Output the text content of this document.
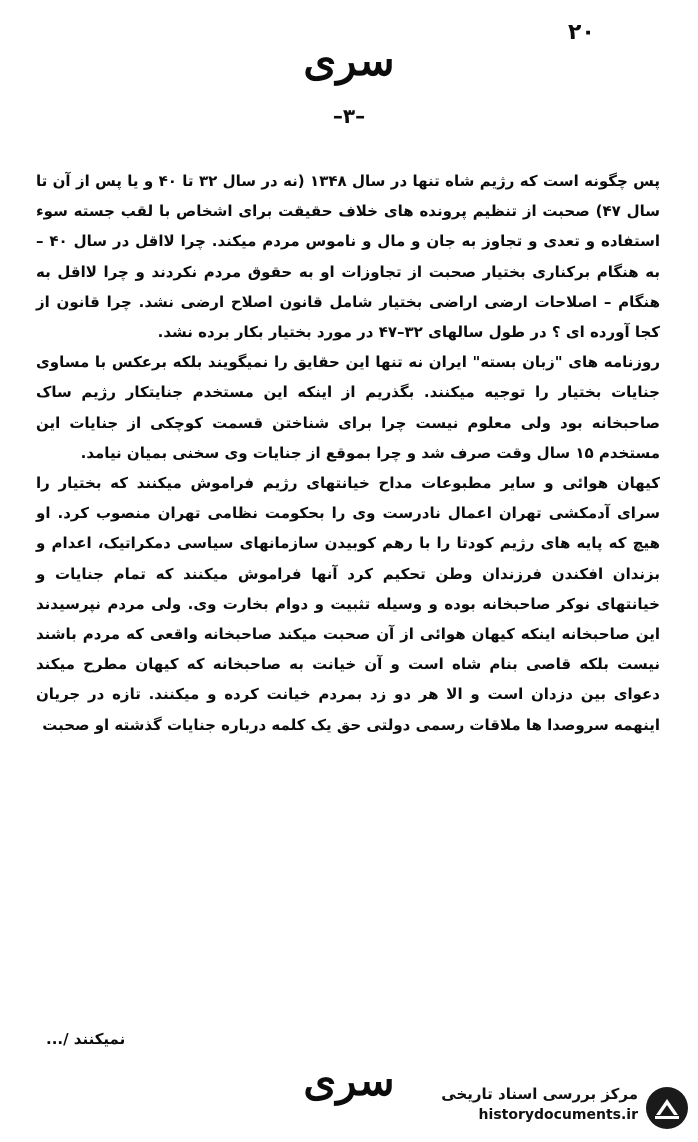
۲۰
سری
–۳–

پس چگونه است که رژیم شاه تنها در سال ۱۳۴۸ (نه در سال ۳۲ تا ۴۰ و یا پس از آن تا سال ۴۷) صحبت از تنظیم پرونده های خلاف حقیقت برای اشخاص با لقب جسته سوء استفاده و تعدی و تجاوز به جان و مال و ناموس مردم میکند. چرا لااقل در سال ۴۰ – به هنگام برکناری بختیار صحبت از تجاوزات او به حقوق مردم نکردند و چرا لااقل به هنگام – اصلاحات ارضی اراضی بختیار شامل قانون اصلاح ارضی نشد. چرا قانون از کجا آورده ای ؟ در طول سالهای ۳۲–۴۷ در مورد بختیار بکار برده نشد.

روزنامه های "زبان بسته" ایران نه تنها این حقایق را نمیگویند بلکه برعکس با مساوی جنایات بختیار را توجیه میکنند. بگذریم از اینکه این مستخدم جنایتکار رژیم ساک صاحبخانه بود ولی معلوم نیست چرا برای شناختن قسمت کوچکی از جنایات این مستخدم ۱۵ سال وقت صرف شد و چرا بموقع از جنایات وی سخنی بمیان نیامد.

کیهان هوائی و سایر مطبوعات مداح خیانتهای رژیم فراموش میکنند که بختیار را سرای آدمکشی تهران اعمال نادرست وی را بحکومت نظامی تهران منصوب کرد. او هیچ که پایه های رژیم کودتا را با رهم کوبیدن سازمانهای سیاسی دمکراتیک، اعدام و بزندان افکندن فرزندان وطن تحکیم کرد آنها فراموش میکنند که تمام جنایات و خیانتهای نوکر صاحبخانه بوده و وسیله تثبیت و دوام بخارت وی. ولی مردم نپرسیدند این صاحبخانه اینکه کیهان هوائی از آن صحبت میکند صاحبخانه واقعی که مردم باشند نیست بلکه قاصی بنام شاه است و آن خیانت به صاحبخانه که کیهان مطرح میکند دعوای بین دزدان است و الا هر دو زد بمردم خیانت کرده و میکنند. تازه در جریان اینهمه سروصدا ها ملاقات رسمی دولتی حق یک کلمه درباره جنایات گذشته او صحبت

نمیکنند /...
سری	مرکز بررسی اسناد تاریخی
historydocuments.ir
